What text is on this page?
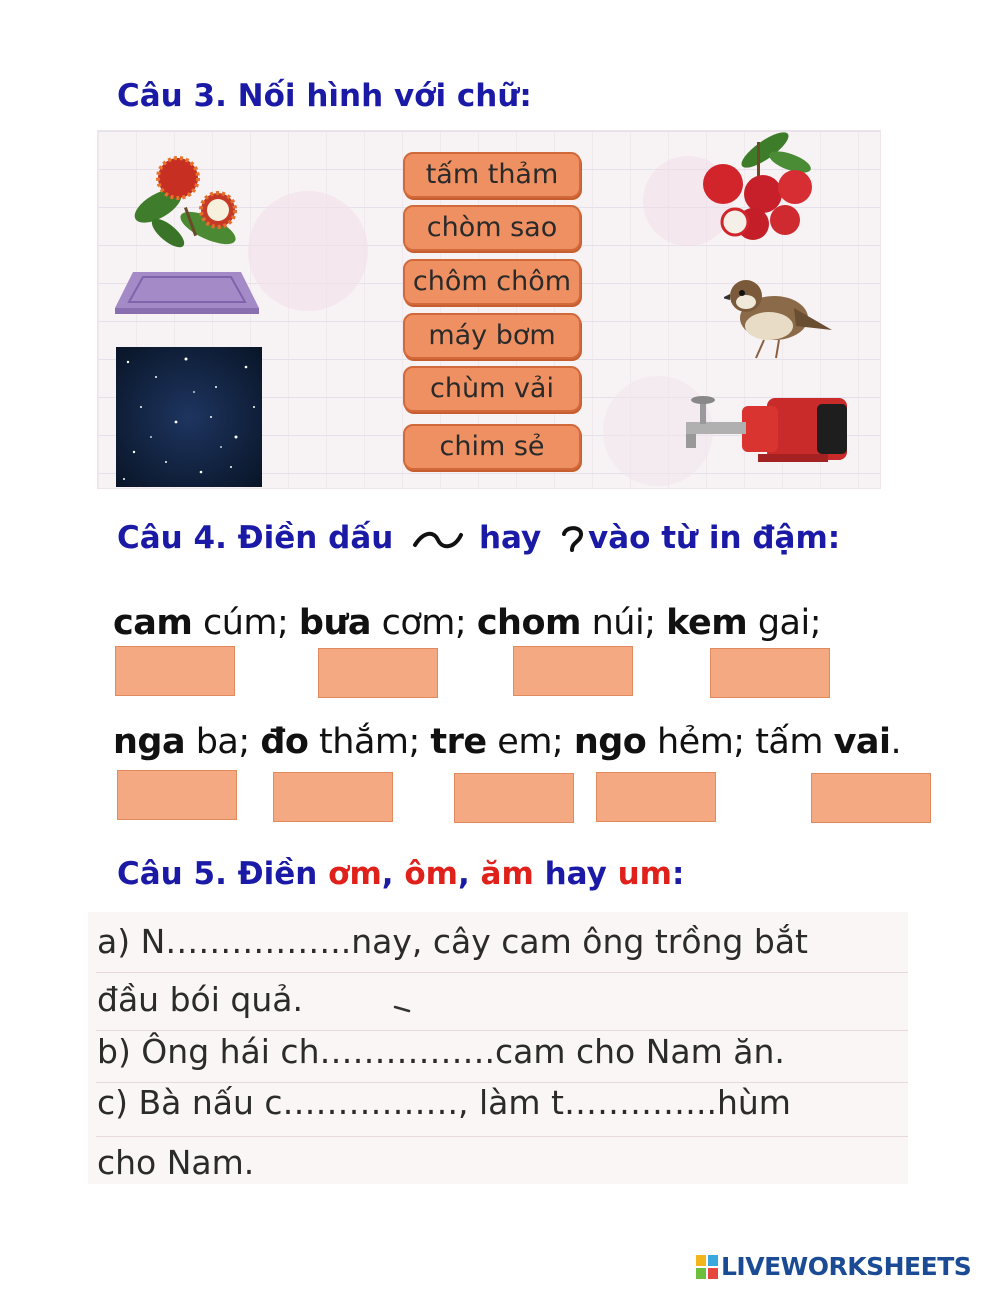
Câu 3. Nối hình với chữ:
tấm thảm
chòm sao
chôm chôm
máy bơm
chùm vải
chim sẻ
Câu 4. Điền dấu	hay vào từ in đậm:
cam cúm; bưa cơm; chom núi; kem gai;
nga ba; đo thắm; tre em; ngo hẻm; tấm vai.
Câu 5. Điền ơm, ôm, ăm hay um:
a) N……………..nay, cây cam ông trồng bắt
đầu bói quả.
b) Ông hái ch…………….cam cho Nam ăn.
c) Bà nấu c……………., làm t…………..hùm
cho Nam.
LIVEWORKSHEETS
